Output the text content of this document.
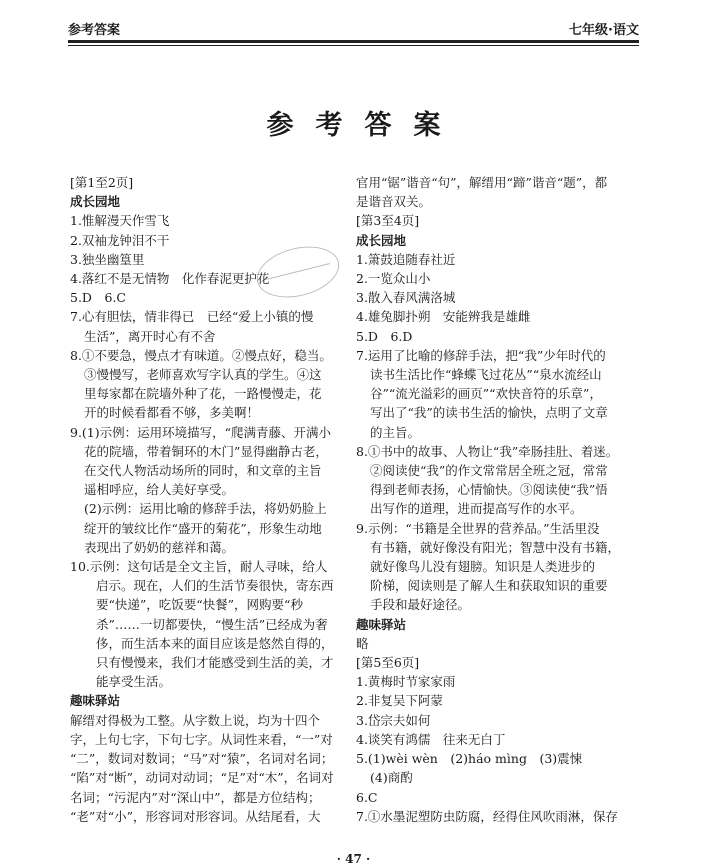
参考答案	七年级·语文
参考答案

[第1至2页]

成长园地

1.惟解漫天作雪飞

2.双袖龙钟泪不干

3.独坐幽篁里

4.落红不是无情物　化作春泥更护花

5.D　6.C

7.心有胆怯，情非得已　已经“爱上小镇的慢

生活”，离开时心有不舍

8.①不要急，慢点才有味道。②慢点好，稳当。

③慢慢写，老师喜欢写字认真的学生。④这

里每家都在院墙外种了花，一路慢慢走，花

开的时候看都看不够，多美啊！

9.(1)示例：运用环境描写，“爬满青藤、开满小

花的院墙，带着铜环的木门”显得幽静古老，

在交代人物活动场所的同时，和文章的主旨

遥相呼应，给人美好享受。

(2)示例：运用比喻的修辞手法，将奶奶脸上

绽开的皱纹比作“盛开的菊花”，形象生动地

表现出了奶奶的慈祥和蔼。

10.示例：这句话是全文主旨，耐人寻味，给人

启示。现在，人们的生活节奏很快，寄东西

要“快递”，吃饭要“快餐”，网购要“秒

杀”……一切都要快，“慢生活”已经成为奢

侈，而生活本来的面目应该是悠然自得的，

只有慢慢来，我们才能感受到生活的美，才

能享受生活。

趣味驿站

解缙对得极为工整。从字数上说，均为十四个

字，上句七字，下句七字。从词性来看，“一”对

“二”，数词对数词；“马”对“猿”，名词对名词；

“陷”对“断”，动词对动词；“足”对“木”，名词对

名词；“污泥内”对“深山中”，都是方位结构；

“老”对“小”，形容词对形容词。从结尾看，大

官用“锯”谐音“句”，解缙用“蹄”谐音“题”，都

是谐音双关。

[第3至4页]

成长园地

1.箫鼓追随春社近

2.一览众山小

3.散入春风满洛城

4.雄兔脚扑朔　安能辨我是雄雌

5.D　6.D

7.运用了比喻的修辞手法，把“我”少年时代的

读书生活比作“蜂蝶飞过花丛”“泉水流经山

谷”“流光溢彩的画页”“欢快音符的乐章”，

写出了“我”的读书生活的愉快，点明了文章

的主旨。

8.①书中的故事、人物让“我”牵肠挂肚、着迷。

②阅读使“我”的作文常常居全班之冠，常常

得到老师表扬，心情愉快。③阅读使“我”悟

出写作的道理，进而提高写作的水平。

9.示例：“书籍是全世界的营养品。”生活里没

有书籍，就好像没有阳光；智慧中没有书籍，

就好像鸟儿没有翅膀。知识是人类进步的

阶梯，阅读则是了解人生和获取知识的重要

手段和最好途径。

趣味驿站

略

[第5至6页]

1.黄梅时节家家雨

2.非复吴下阿蒙

3.岱宗夫如何

4.谈笑有鸿儒　往来无白丁

5.(1)wèi wèn　(2)háo mìng　(3)震悚

(4)商酌

6.C

7.①水墨泥塑防虫防腐，经得住风吹雨淋，保存

· 47 ·
